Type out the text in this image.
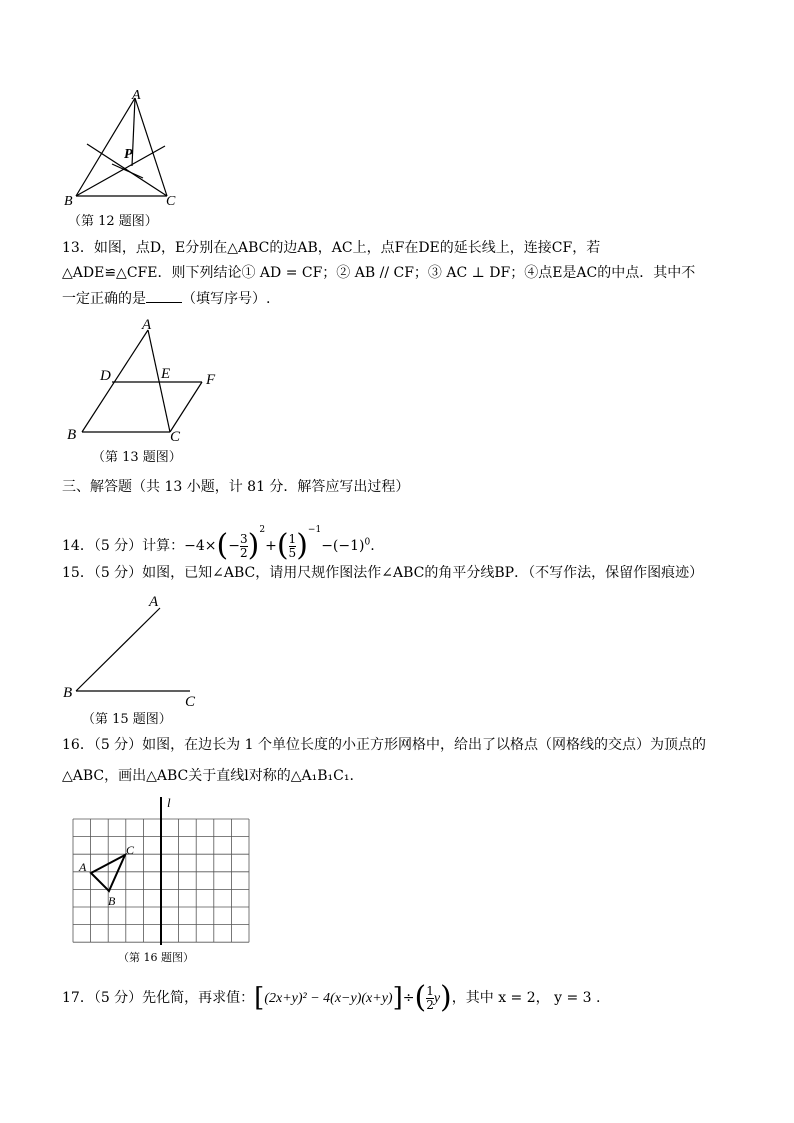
A
B	C
P
（第 12 题图）
13．如图，点D，E分别在△ABC的边AB，AC上，点F在DE的延长线上，连接CF，若
△ADE≌△CFE．则下列结论① AD = CF；② AB // CF；③ AC ⊥ DF；④点E是AC的中点．其中不
一定正确的是	（填写序号）.
A
B	C
D	E F
（第 13 题图）
三、解答题（共 13 小题，计 81 分．解答应写出过程）
14．（5 分）计算：$-4\times(- \frac{3}{2} )^2+( \frac{1}{5} )^{-1}-(-1)^0$.
15．（5 分）如图，已知∠ABC，请用尺规作图法作∠ABC的角平分线BP．（不写作法，保留作图痕迹）
A
B
C
（第 15 题图）
16．（5 分）如图，在边长为 1 个单位长度的小正方形网格中，给出了以格点（网格线的交点）为顶点的
△ABC，画出△ABC关于直线l对称的△A₁B₁C₁.
A
B
C
l
（第 16 题图）
17．（5 分）先化简，再求值：$[(2x+y)^2 - 4(x-y)(x+y)]\div( \frac{1}{2} y)$，其中 x = 2， y = 3 .
